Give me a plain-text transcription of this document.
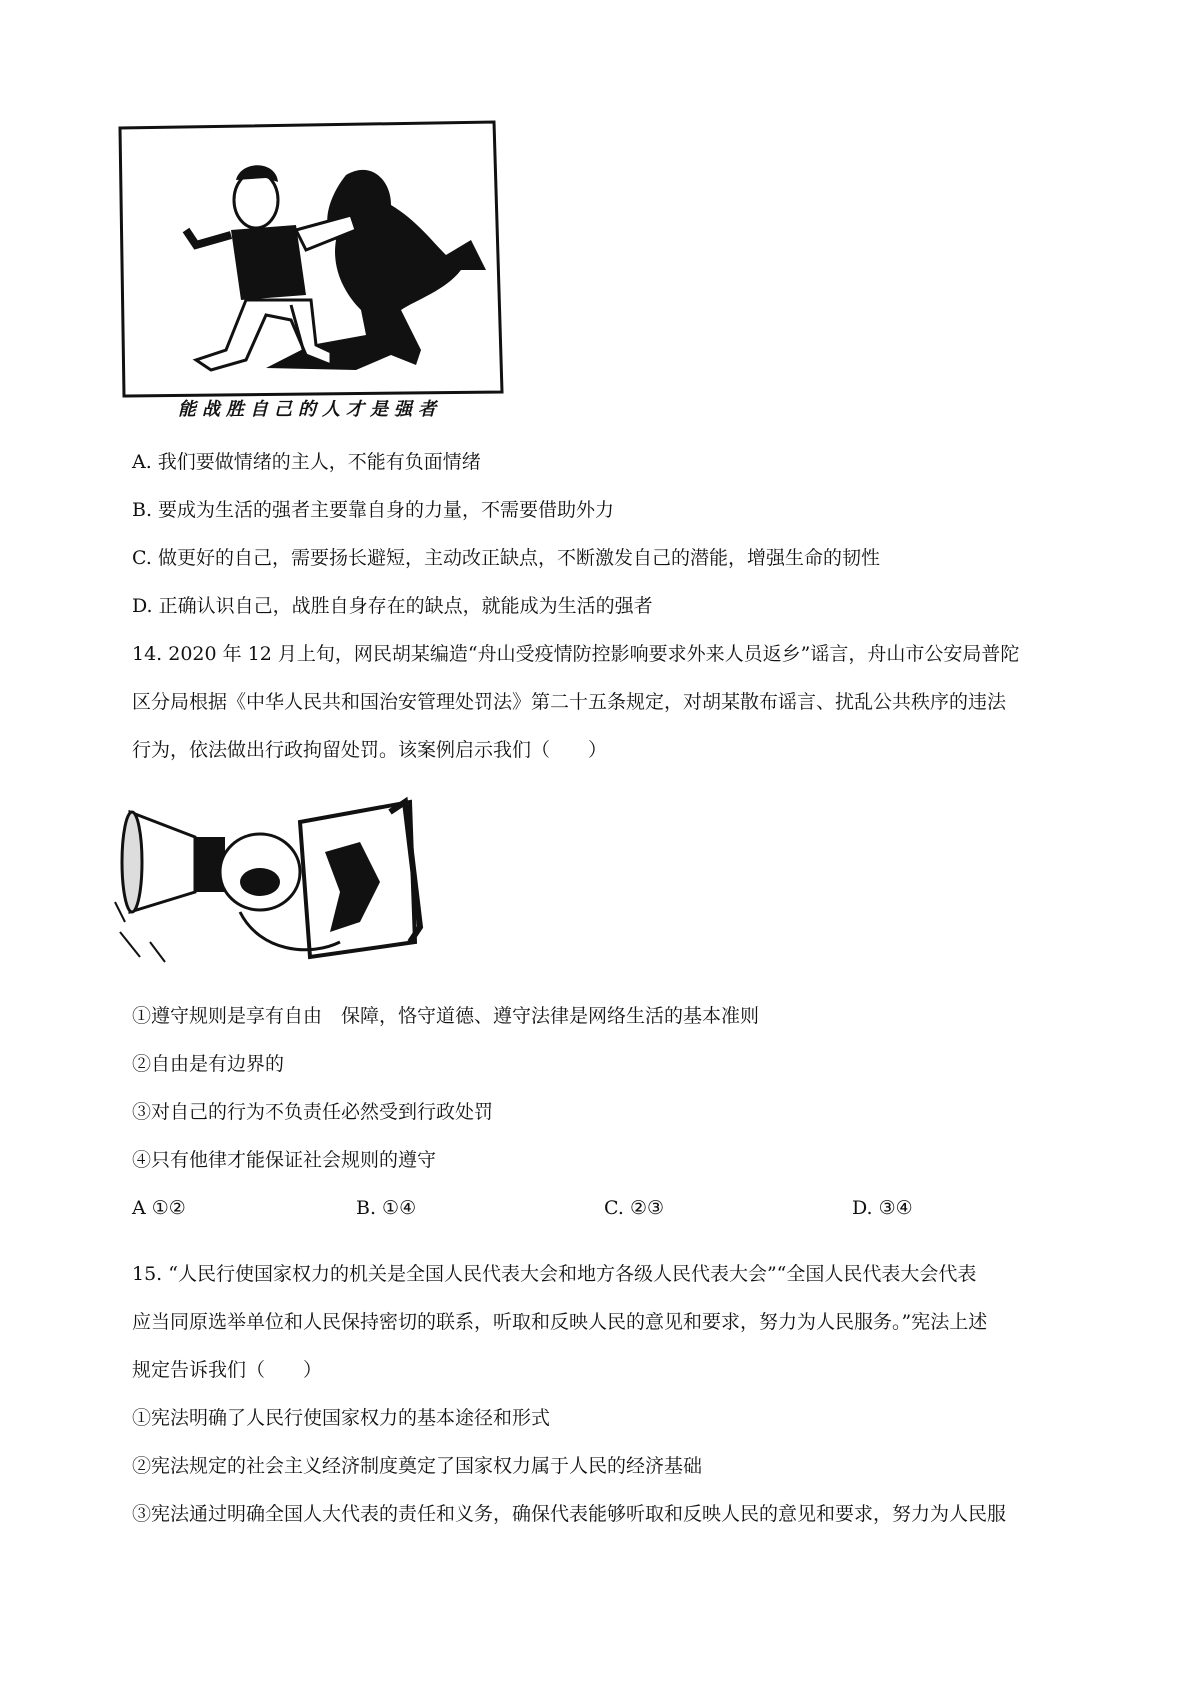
能战胜自己的人才是强者
A. 我们要做情绪的主人，不能有负面情绪
B. 要成为生活的强者主要靠自身的力量，不需要借助外力
C. 做更好的自己，需要扬长避短，主动改正缺点，不断激发自己的潜能，增强生命的韧性
D. 正确认识自己，战胜自身存在的缺点，就能成为生活的强者
14. 2020 年 12 月上旬，网民胡某编造“舟山受疫情防控影响要求外来人员返乡”谣言，舟山市公安局普陀
区分局根据《中华人民共和国治安管理处罚法》第二十五条规定，对胡某散布谣言、扰乱公共秩序的违法
行为，依法做出行政拘留处罚。该案例启示我们（　　）
①遵守规则是享有自由　保障，恪守道德、遵守法律是网络生活的基本准则
②自由是有边界的
③对自己的行为不负责任必然受到行政处罚
④只有他律才能保证社会规则的遵守
A ①②	B. ①④	C. ②③	D. ③④
15. “人民行使国家权力的机关是全国人民代表大会和地方各级人民代表大会”“全国人民代表大会代表
应当同原选举单位和人民保持密切的联系，听取和反映人民的意见和要求，努力为人民服务。”宪法上述
规定告诉我们（　　）
①宪法明确了人民行使国家权力的基本途径和形式
②宪法规定的社会主义经济制度奠定了国家权力属于人民的经济基础
③宪法通过明确全国人大代表的责任和义务，确保代表能够听取和反映人民的意见和要求，努力为人民服
